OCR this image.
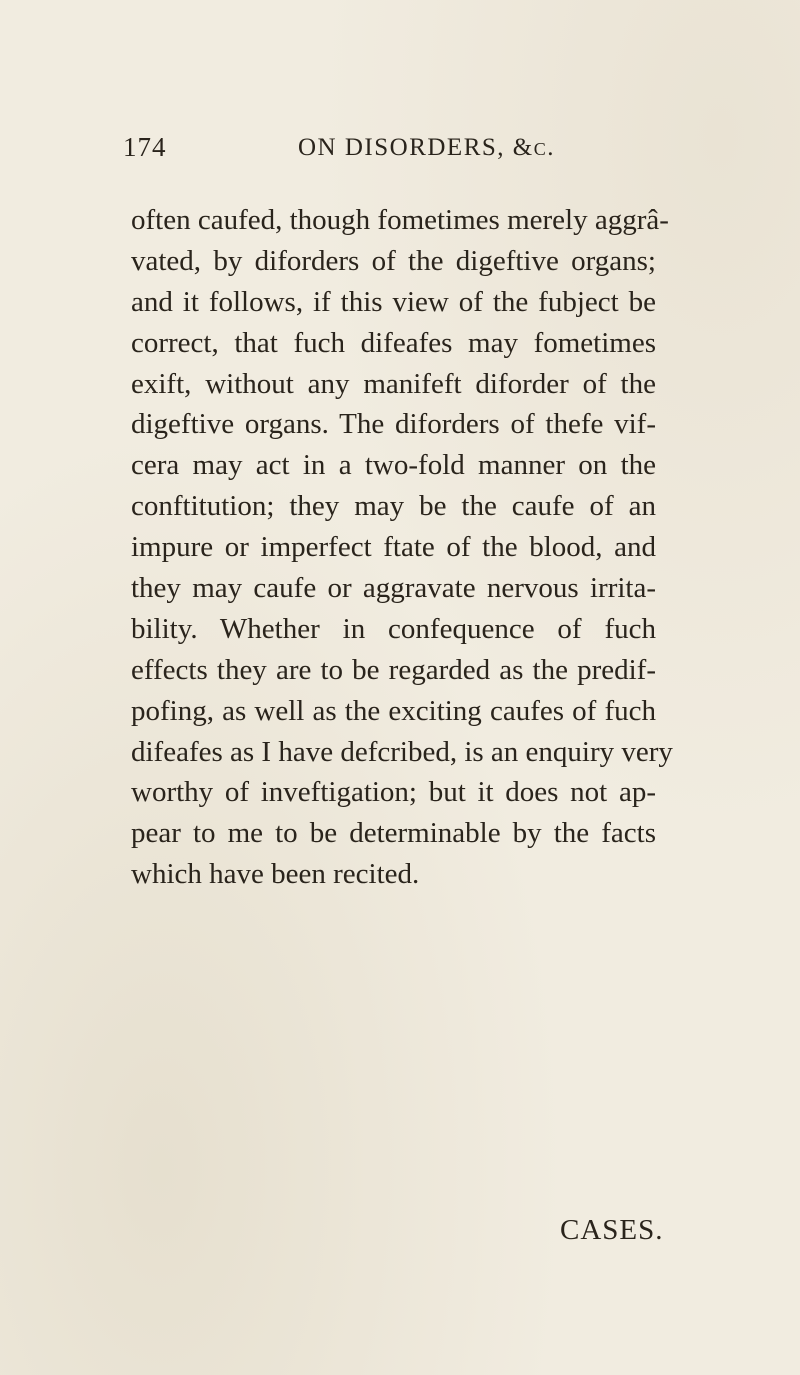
174	ON DISORDERS, &c.
often caufed, though fometimes merely aggrâ-
vated, by diforders of the digeftive organs;
and it follows, if this view of the fubject be
correct, that fuch difeafes may fometimes
exift, without any manifeft diforder of the
digeftive organs. The diforders of thefe vif-
cera may act in a two-fold manner on the
conftitution; they may be the caufe of an
impure or imperfect ftate of the blood, and
they may caufe or aggravate nervous irrita-
bility. Whether in confequence of fuch
effects they are to be regarded as the predif-
pofing, as well as the exciting caufes of fuch
difeafes as I have defcribed, is an enquiry very
worthy of inveftigation; but it does not ap-
pear to me to be determinable by the facts
which have been recited.
CASES.
